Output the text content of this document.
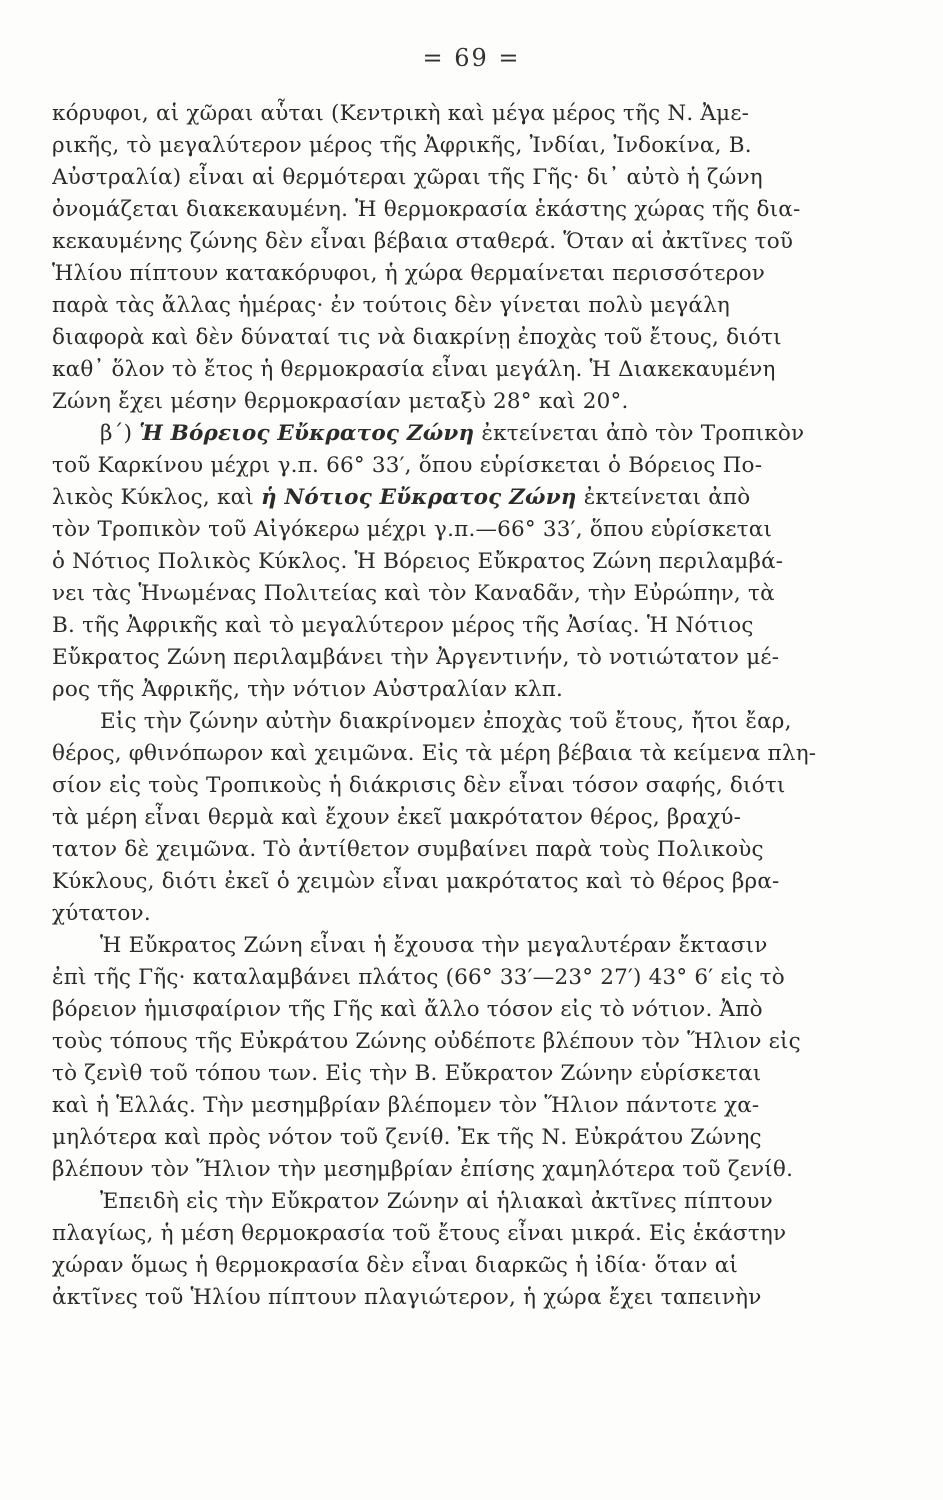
= 69 =
κόρυφοι, αἱ χῶραι αὗται (Κεντρικὴ καὶ μέγα μέρος τῆς Ν. Ἀμε-
ρικῆς, τὸ μεγαλύτερον μέρος τῆς Ἀφρικῆς, Ἰνδίαι, Ἰνδοκίνα, Β.
Αὐστραλία) εἶναι αἱ θερμότεραι χῶραι τῆς Γῆς· δι᾽ αὐτὸ ἡ ζώνη
ὀνομάζεται διακεκαυμένη. Ἡ θερμοκρασία ἑκάστης χώρας τῆς δια-
κεκαυμένης ζώνης δὲν εἶναι βέβαια σταθερά. Ὅταν αἱ ἀκτῖνες τοῦ
Ἡλίου πίπτουν κατακόρυφοι, ἡ χώρα θερμαίνεται περισσότερον
παρὰ τὰς ἄλλας ἡμέρας· ἐν τούτοις δὲν γίνεται πολὺ μεγάλη
διαφορὰ καὶ δὲν δύναταί τις νὰ διακρίνῃ ἐποχὰς τοῦ ἔτους, διότι
καθ᾽ ὅλον τὸ ἔτος ἡ θερμοκρασία εἶναι μεγάλη. Ἡ Διακεκαυμένη
Ζώνη ἔχει μέσην θερμοκρασίαν μεταξὺ 28° καὶ 20°.
β´) Ἡ Βόρειος Εὔκρατος Ζώνη ἐκτείνεται ἀπὸ τὸν Τροπικὸν
τοῦ Καρκίνου μέχρι γ.π. 66° 33′, ὅπου εὑρίσκεται ὁ Βόρειος Πο-
λικὸς Κύκλος, καὶ ἡ Νότιος Εὔκρατος Ζώνη ἐκτείνεται ἀπὸ
τὸν Τροπικὸν τοῦ Αἰγόκερω μέχρι γ.π.—66° 33′, ὅπου εὑρίσκεται
ὁ Νότιος Πολικὸς Κύκλος. Ἡ Βόρειος Εὔκρατος Ζώνη περιλαμβά-
νει τὰς Ἡνωμένας Πολιτείας καὶ τὸν Καναδᾶν, τὴν Εὐρώπην, τὰ
Β. τῆς Ἀφρικῆς καὶ τὸ μεγαλύτερον μέρος τῆς Ἀσίας. Ἡ Νότιος
Εὔκρατος Ζώνη περιλαμβάνει τὴν Ἀργεντινήν, τὸ νοτιώτατον μέ-
ρος τῆς Ἀφρικῆς, τὴν νότιον Αὐστραλίαν κλπ.
Εἰς τὴν ζώνην αὐτὴν διακρίνομεν ἐποχὰς τοῦ ἔτους, ἤτοι ἔαρ,
θέρος, φθινόπωρον καὶ χειμῶνα. Εἰς τὰ μέρη βέβαια τὰ κείμενα πλη-
σίον εἰς τοὺς Τροπικοὺς ἡ διάκρισις δὲν εἶναι τόσον σαφής, διότι
τὰ μέρη εἶναι θερμὰ καὶ ἔχουν ἐκεῖ μακρότατον θέρος, βραχύ-
τατον δὲ χειμῶνα. Τὸ ἀντίθετον συμβαίνει παρὰ τοὺς Πολικοὺς
Κύκλους, διότι ἐκεῖ ὁ χειμὼν εἶναι μακρότατος καὶ τὸ θέρος βρα-
χύτατον.
Ἡ Εὔκρατος Ζώνη εἶναι ἡ ἔχουσα τὴν μεγαλυτέραν ἔκτασιν
ἐπὶ τῆς Γῆς· καταλαμβάνει πλάτος (66° 33′—23° 27′) 43° 6′ εἰς τὸ
βόρειον ἡμισφαίριον τῆς Γῆς καὶ ἄλλο τόσον εἰς τὸ νότιον. Ἀπὸ
τοὺς τόπους τῆς Εὐκράτου Ζώνης οὐδέποτε βλέπουν τὸν Ἥλιον εἰς
τὸ ζενὶθ τοῦ τόπου των. Εἰς τὴν Β. Εὔκρατον Ζώνην εὑρίσκεται
καὶ ἡ Ἑλλάς. Τὴν μεσημβρίαν βλέπομεν τὸν Ἥλιον πάντοτε χα-
μηλότερα καὶ πρὸς νότον τοῦ ζενίθ. Ἐκ τῆς Ν. Εὐκράτου Ζώνης
βλέπουν τὸν Ἥλιον τὴν μεσημβρίαν ἐπίσης χαμηλότερα τοῦ ζενίθ.
Ἐπειδὴ εἰς τὴν Εὔκρατον Ζώνην αἱ ἡλιακαὶ ἀκτῖνες πίπτουν
πλαγίως, ἡ μέση θερμοκρασία τοῦ ἔτους εἶναι μικρά. Εἰς ἑκάστην
χώραν ὅμως ἡ θερμοκρασία δὲν εἶναι διαρκῶς ἡ ἰδία· ὅταν αἱ
ἀκτῖνες τοῦ Ἡλίου πίπτουν πλαγιώτερον, ἡ χώρα ἔχει ταπεινὴν
